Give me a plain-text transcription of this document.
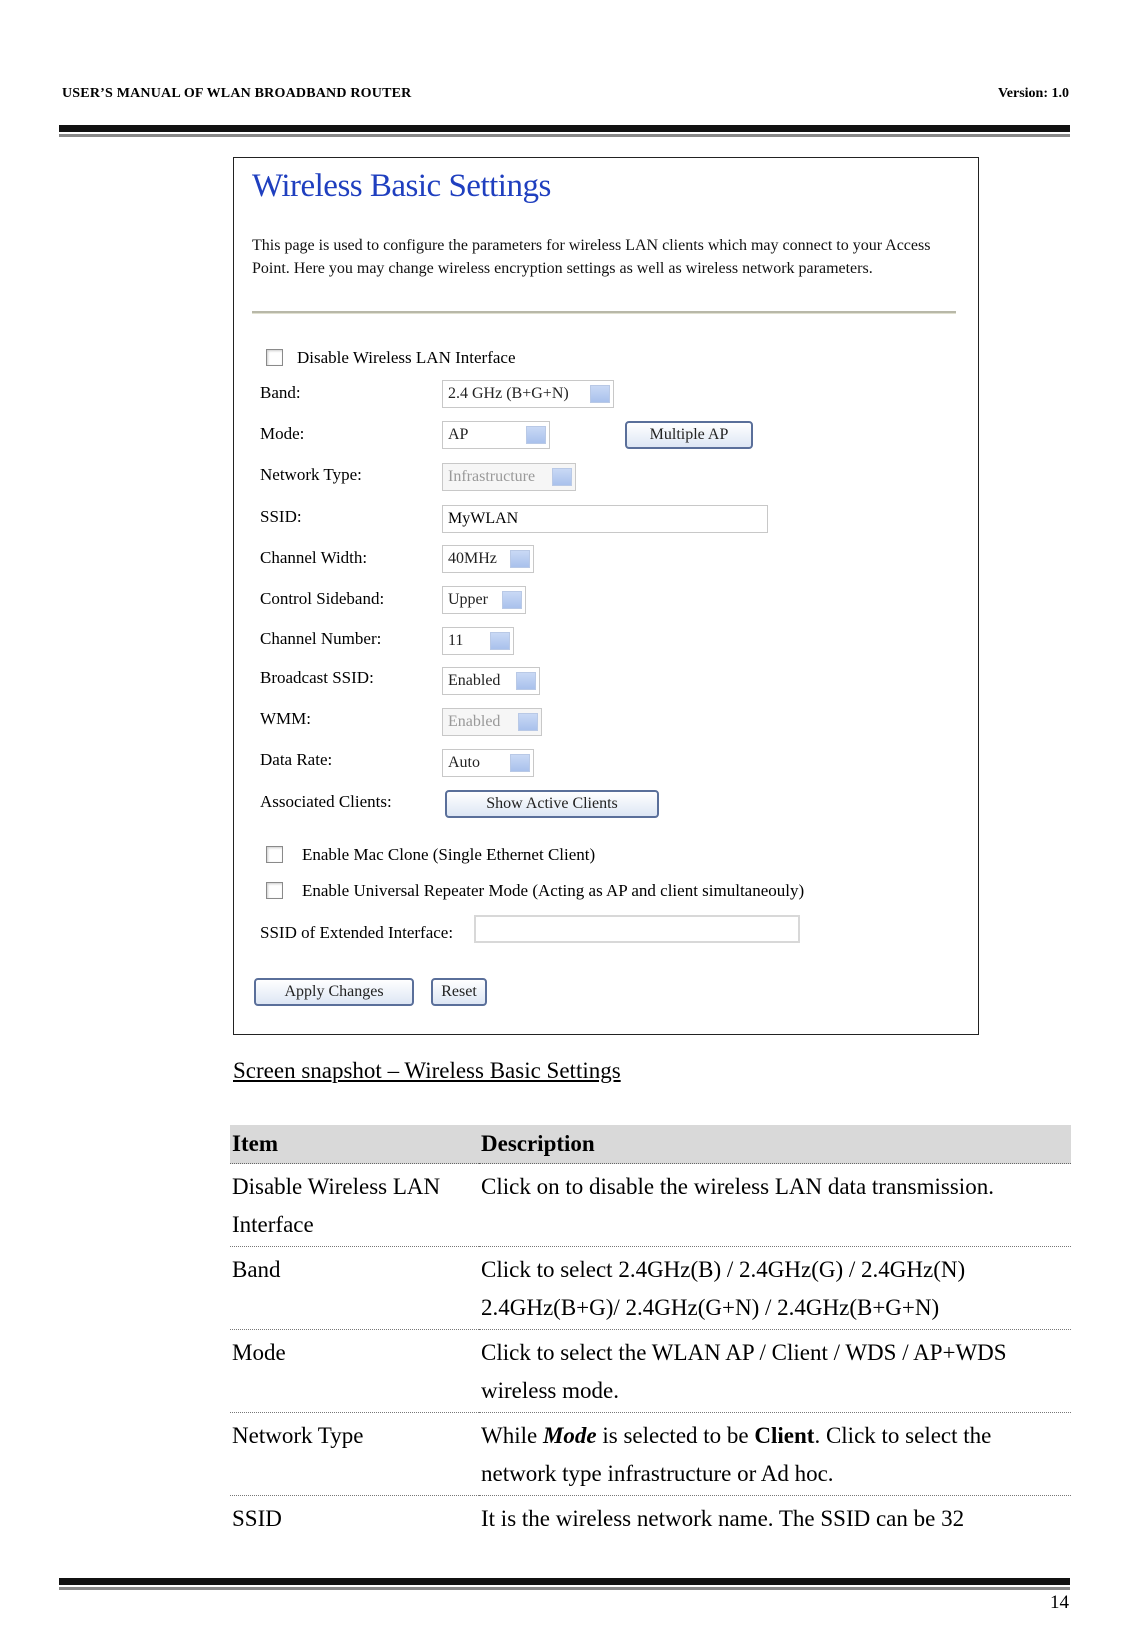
USER’S MANUAL OF WLAN BROADBAND ROUTER	Version: 1.0
Wireless Basic Settings
This page is used to configure the parameters for wireless LAN clients which may connect to your Access Point. Here you may change wireless encryption settings as well as wireless network parameters.
Disable Wireless LAN Interface
Band:	2.4 GHz (B+G+N)
Mode:	AP	Multiple AP
Network Type:	Infrastructure
SSID:	MyWLAN
Channel Width:	40MHz
Control Sideband:	Upper
Channel Number:	11
Broadcast SSID:	Enabled
WMM:	Enabled
Data Rate:	Auto
Associated Clients:	Show Active Clients
Enable Mac Clone (Single Ethernet Client)
Enable Universal Repeater Mode (Acting as AP and client simultaneouly)
SSID of Extended Interface:
Apply Changes	Reset
Screen snapshot – Wireless Basic Settings
Item	Description
Disable Wireless LAN Interface	Click on to disable the wireless LAN data transmission.
Band	Click to select 2.4GHz(B) / 2.4GHz(G) / 2.4GHz(N) 2.4GHz(B+G)/ 2.4GHz(G+N) / 2.4GHz(B+G+N)
Mode	Click to select the WLAN AP / Client / WDS / AP+WDS wireless mode.
Network Type	While Mode is selected to be Client. Click to select the network type infrastructure or Ad hoc.
SSID	It is the wireless network name. The SSID can be 32
14
